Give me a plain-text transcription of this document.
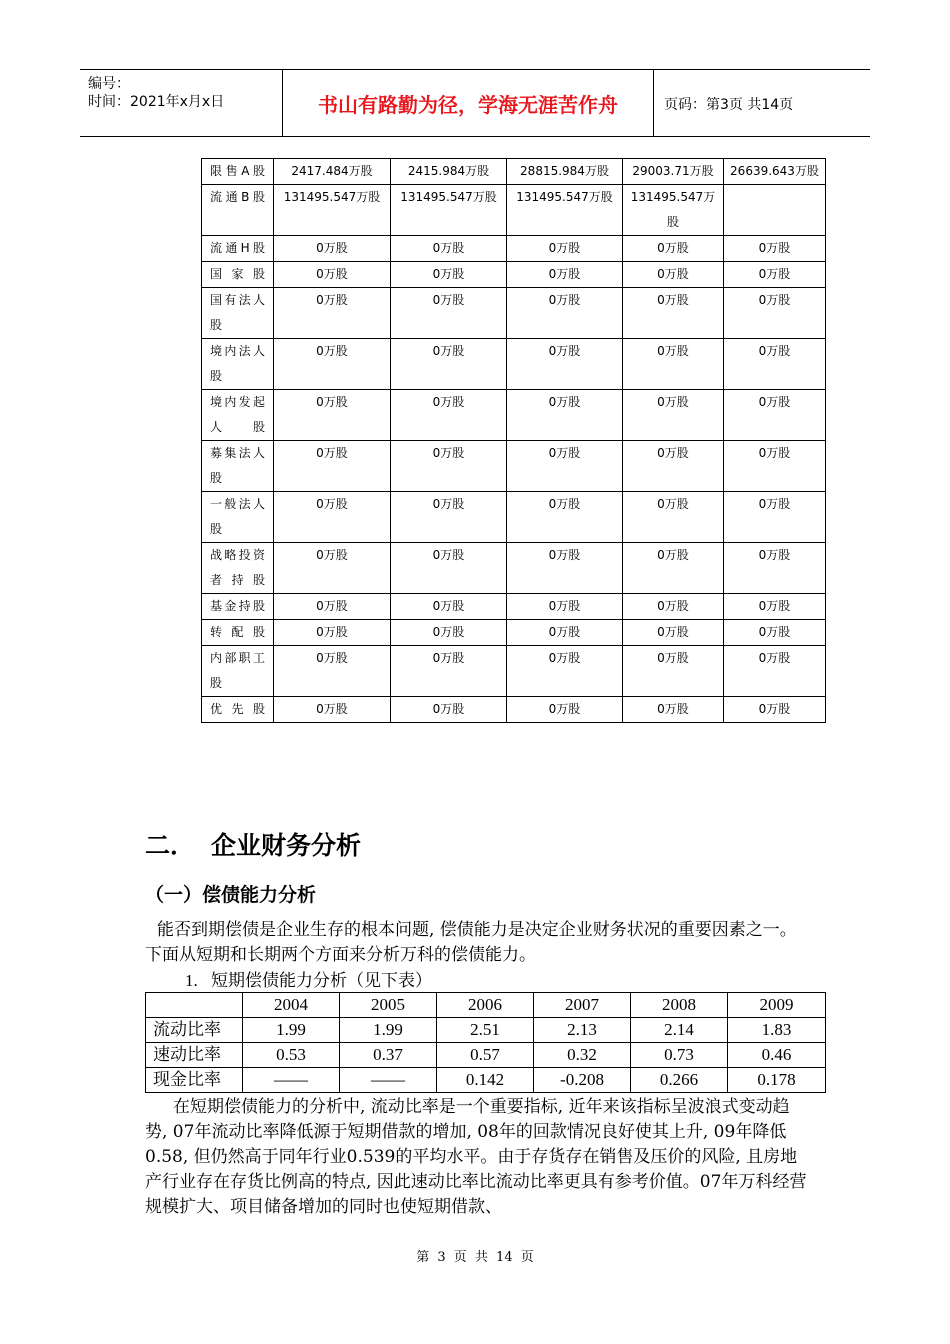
编号：
时间：2021年x月x日	书山有路勤为径，学海无涯苦作舟	页码：第3页 共14页
限售A股	2417.484万股	2415.984万股	28815.984万股	29003.71万股	26639.643万股
流通B股	131495.547万股	131495.547万股	131495.547万股	131495.547万股	
流通H股	0万股	0万股	0万股	0万股	0万股
国家股	0万股	0万股	0万股	0万股	0万股
国有法人股	0万股	0万股	0万股	0万股	0万股
境内法人股	0万股	0万股	0万股	0万股	0万股
境内发起人股	0万股	0万股	0万股	0万股	0万股
募集法人股	0万股	0万股	0万股	0万股	0万股
一般法人股	0万股	0万股	0万股	0万股	0万股
战略投资者持股	0万股	0万股	0万股	0万股	0万股
基金持股	0万股	0万股	0万股	0万股	0万股
转配股	0万股	0万股	0万股	0万股	0万股
内部职工股	0万股	0万股	0万股	0万股	0万股
优先股	0万股	0万股	0万股	0万股	0万股
二． 企业财务分析
（一）偿债能力分析
能否到期偿债是企业生存的根本问题, 偿债能力是决定企业财务状况的重要因素之一。下面从短期和长期两个方面来分析万科的偿债能力。
1. 短期偿债能力分析（见下表）
	2004	2005	2006	2007	2008	2009
流动比率	1.99	1.99	2.51	2.13	2.14	1.83
速动比率	0.53	0.37	0.57	0.32	0.73	0.46
现金比率	——	——	0.142	-0.208	0.266	0.178
在短期偿债能力的分析中, 流动比率是一个重要指标, 近年来该指标呈波浪式变动趋势, 07年流动比率降低源于短期借款的增加, 08年的回款情况良好使其上升, 09年降低0.58, 但仍然高于同年行业0.539的平均水平。由于存货存在销售及压价的风险, 且房地产行业存在存货比例高的特点, 因此速动比率比流动比率更具有参考价值。07年万科经营规模扩大、项目储备增加的同时也使短期借款、
第 3 页 共 14 页
